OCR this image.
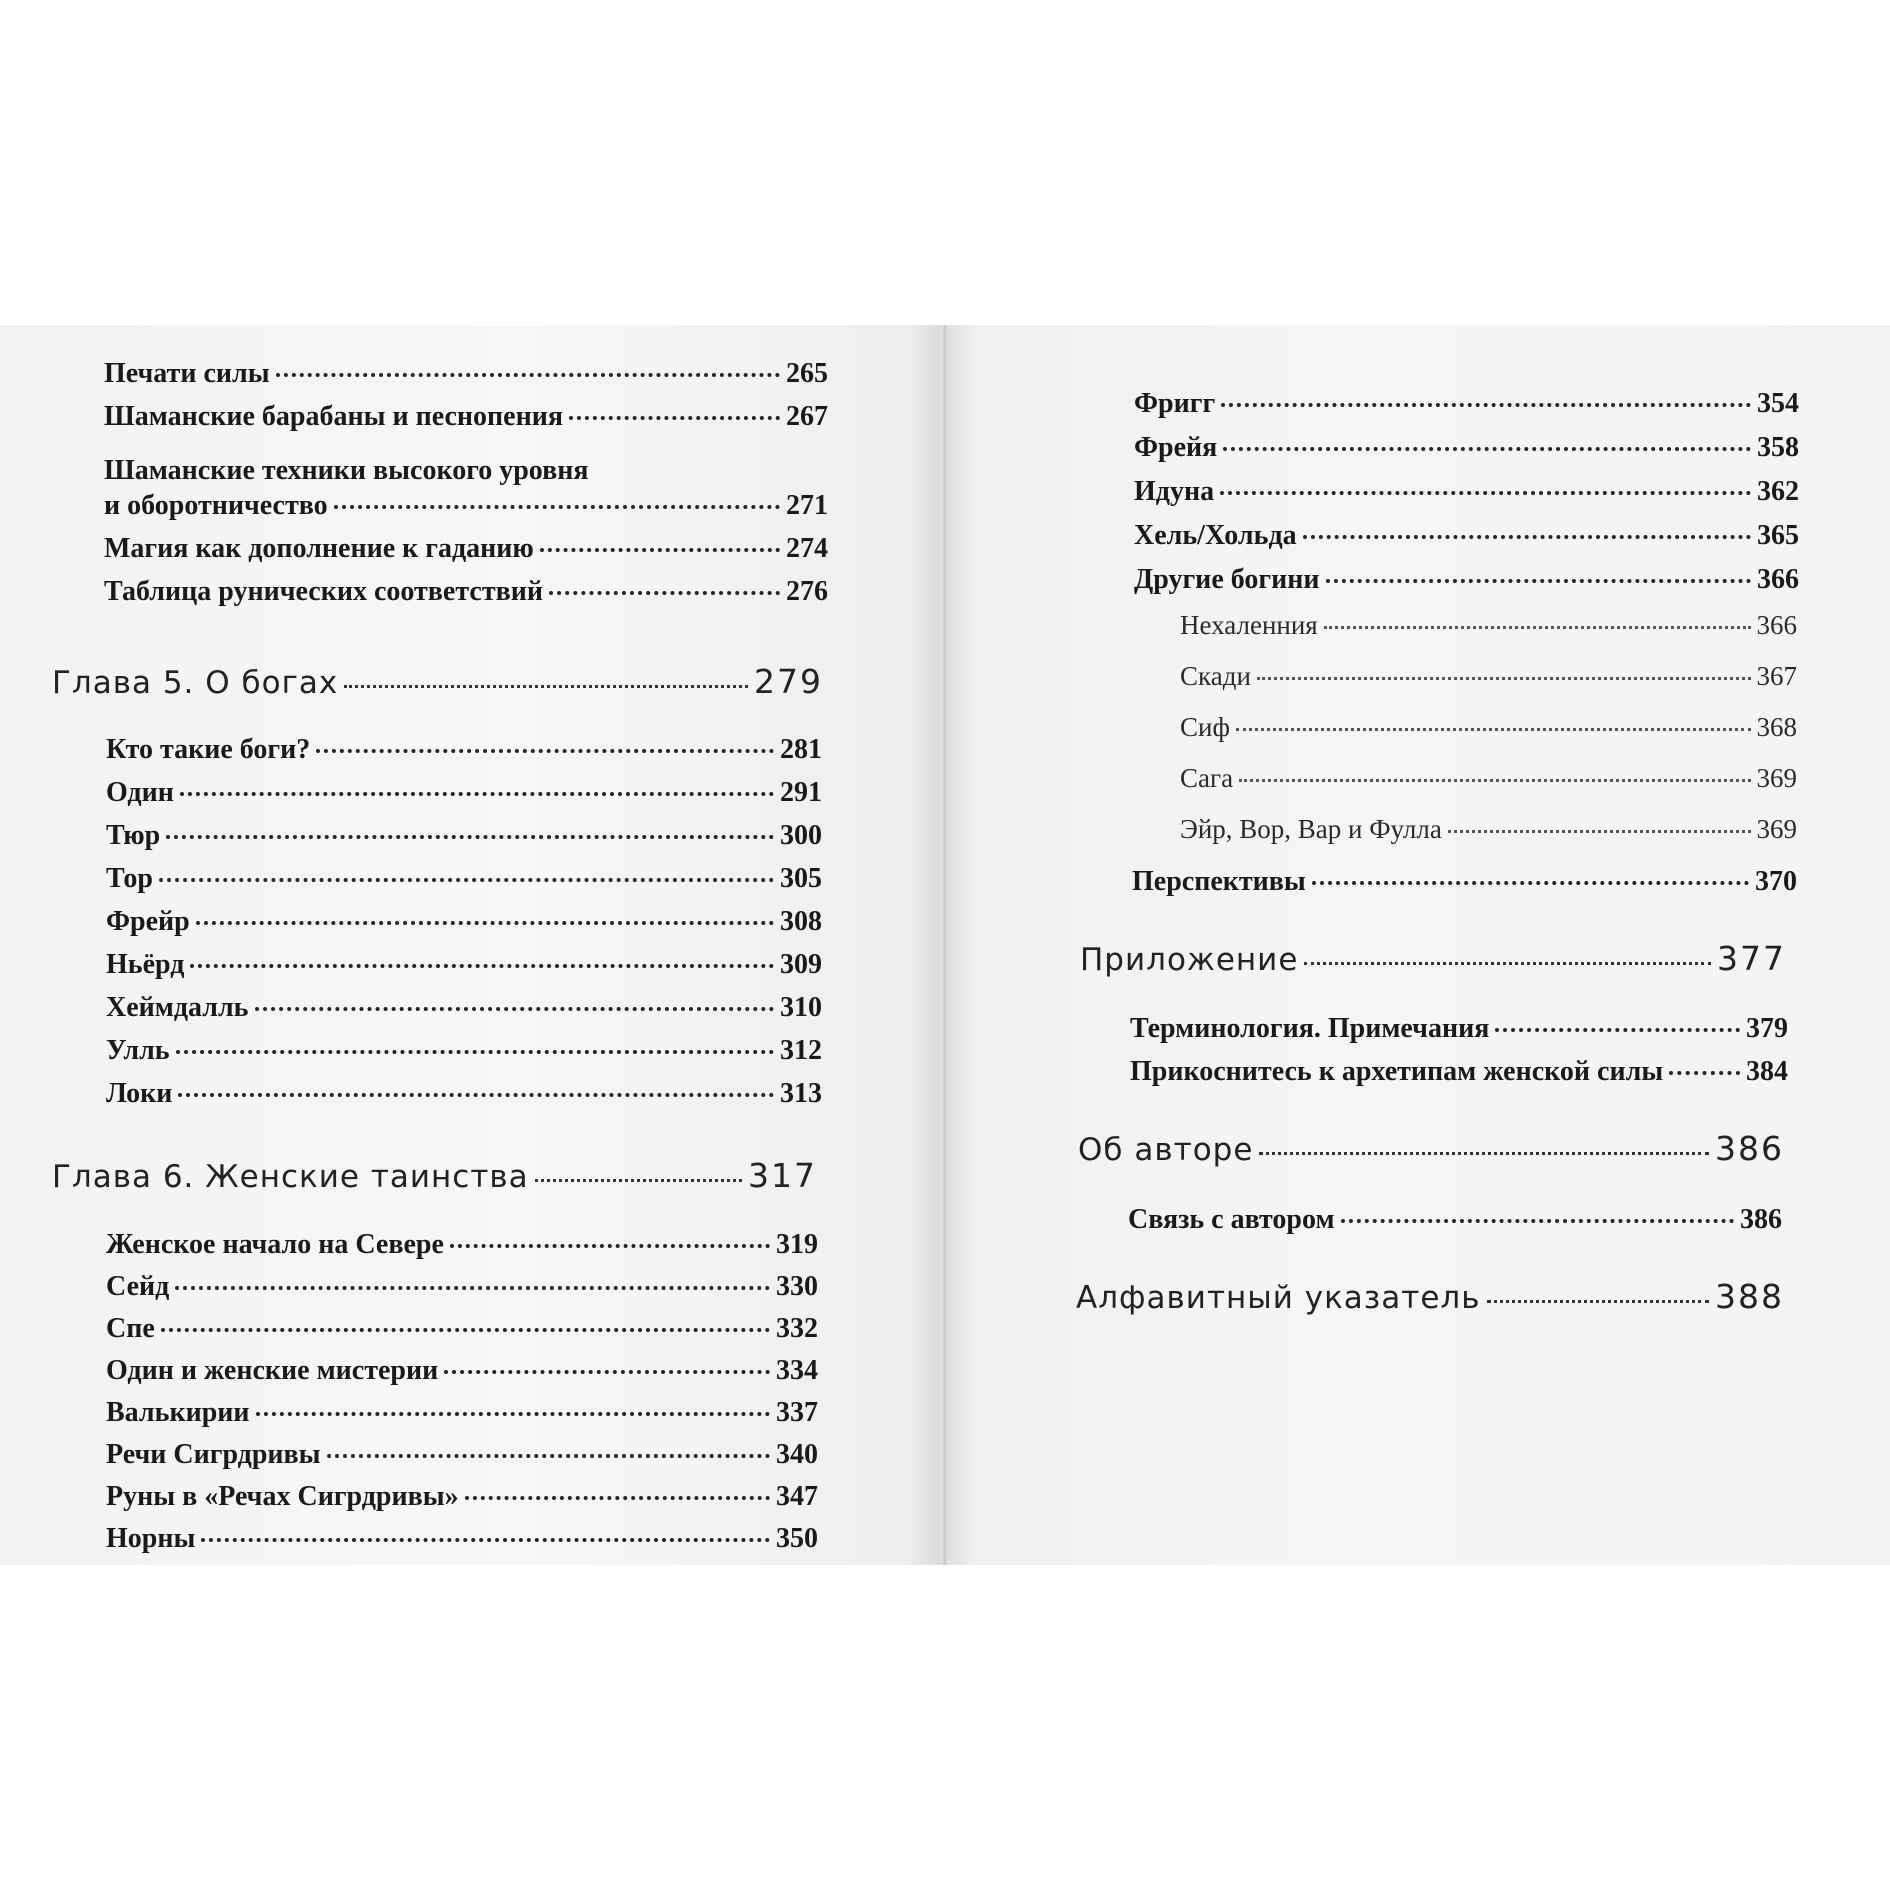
Печати силы	265
Шаманские барабаны и песнопения	267
Шаманские техники высокого уровня
и оборотничество	271
Магия как дополнение к гаданию	274
Таблица рунических соответствий	276
Глава 5. О богах	279
Кто такие боги?	281
Один	291
Тюр	300
Тор	305
Фрейр	308
Ньёрд	309
Хеймдалль	310
Улль	312
Локи	313
Глава 6. Женские таинства	317
Женское начало на Севере	319
Сейд	330
Спе	332
Один и женские мистерии	334
Валькирии	337
Речи Сигрдривы	340
Руны в «Речах Сигрдривы»	347
Норны	350
Фригг	354
Фрейя	358
Идуна	362
Хель/Хольда	365
Другие богини	366
Нехаленния	366
Скади	367
Сиф	368
Сага	369
Эйр, Вор, Вар и Фулла	369
Перспективы	370
Приложение	377
Терминология. Примечания	379
Прикоснитесь к архетипам женской силы	384
Об авторе	386
Связь с автором	386
Алфавитный указатель	388
